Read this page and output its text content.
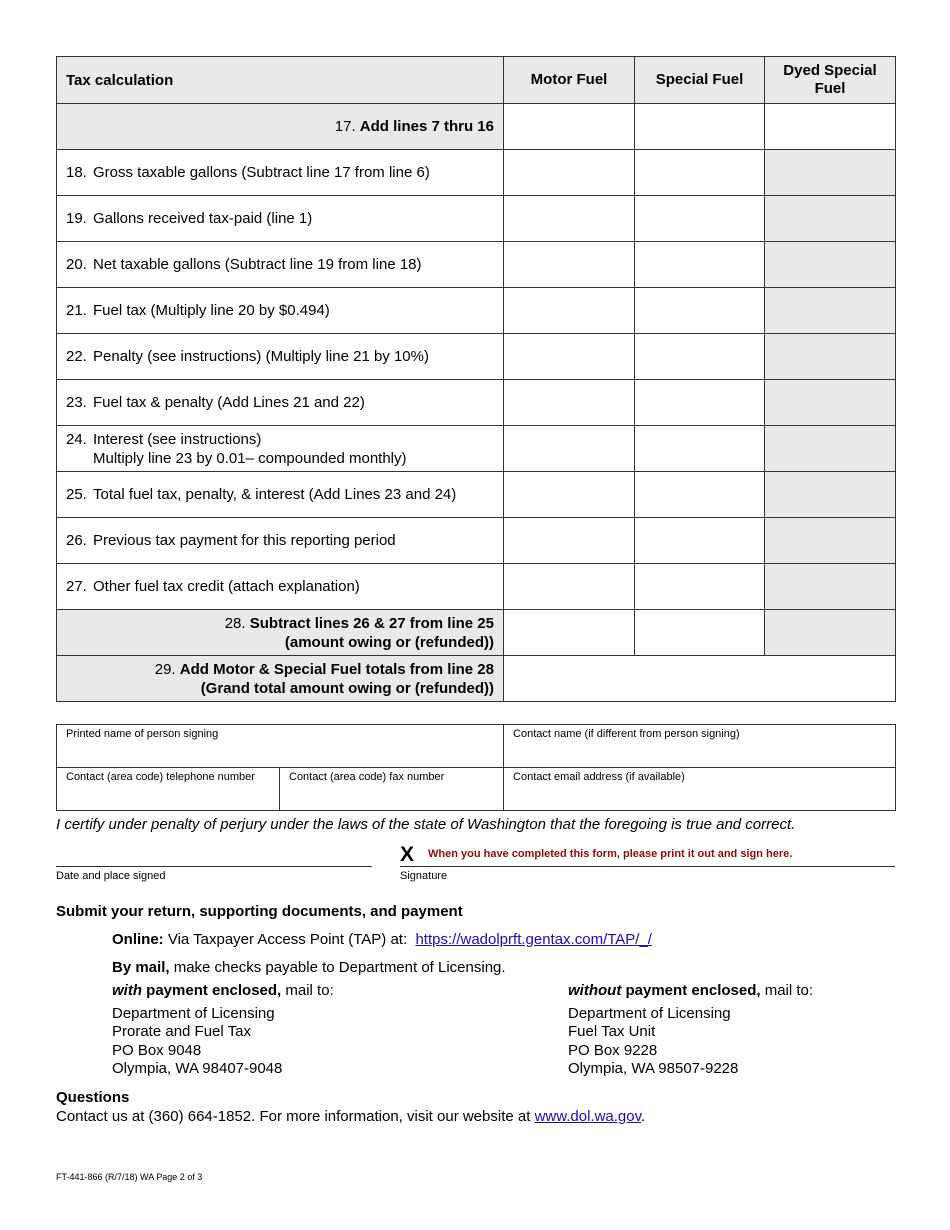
Tax calculation	Motor Fuel	Special Fuel	Dyed Special
Fuel
17. Add lines 7 thru 16			

18. Gross taxable gallons (Subtract line 17 from line 6)			

19. Gallons received tax-paid (line 1)			

20. Net taxable gallons (Subtract line 19 from line 18)			

21. Fuel tax (Multiply line 20 by $0.494)			

22. Penalty (see instructions) (Multiply line 21 by 10%)			

23. Fuel tax & penalty (Add Lines 21 and 22)			

24. Interest (see instructions)
Multiply line 23 by 0.01– compounded monthly)			

25. Total fuel tax, penalty, & interest (Add Lines 23 and 24)			

26. Previous tax payment for this reporting period			

27. Other fuel tax credit (attach explanation)			

28. Subtract lines 26 & 27 from line 25
(amount owing or (refunded))			
29. Add Motor & Special Fuel totals from line 28
(Grand total amount owing or (refunded))			
Printed name of person signing		Contact name (if different from person signing)
Contact (area code) telephone number	Contact (area code) fax number	Contact email address (if available)
I certify under penalty of perjury under the laws of the state of Washington that the foregoing is true and correct.
X When you have completed this form, please print it out and sign here.
Date and place signed	Signature
Submit your return, supporting documents, and payment
Online: Via Taxpayer Access Point (TAP) at: https://wadolprft.gentax.com/TAP/_/
By mail, make checks payable to Department of Licensing.
with payment enclosed, mail to:
Department of Licensing
Prorate and Fuel Tax
PO Box 9048
Olympia, WA 98407-9048
without payment enclosed, mail to:
Department of Licensing
Fuel Tax Unit
PO Box 9228
Olympia, WA 98507-9228
Questions
Contact us at (360) 664-1852. For more information, visit our website at www.dol.wa.gov.
FT-441-866 (R/7/18) WA Page 2 of 3
